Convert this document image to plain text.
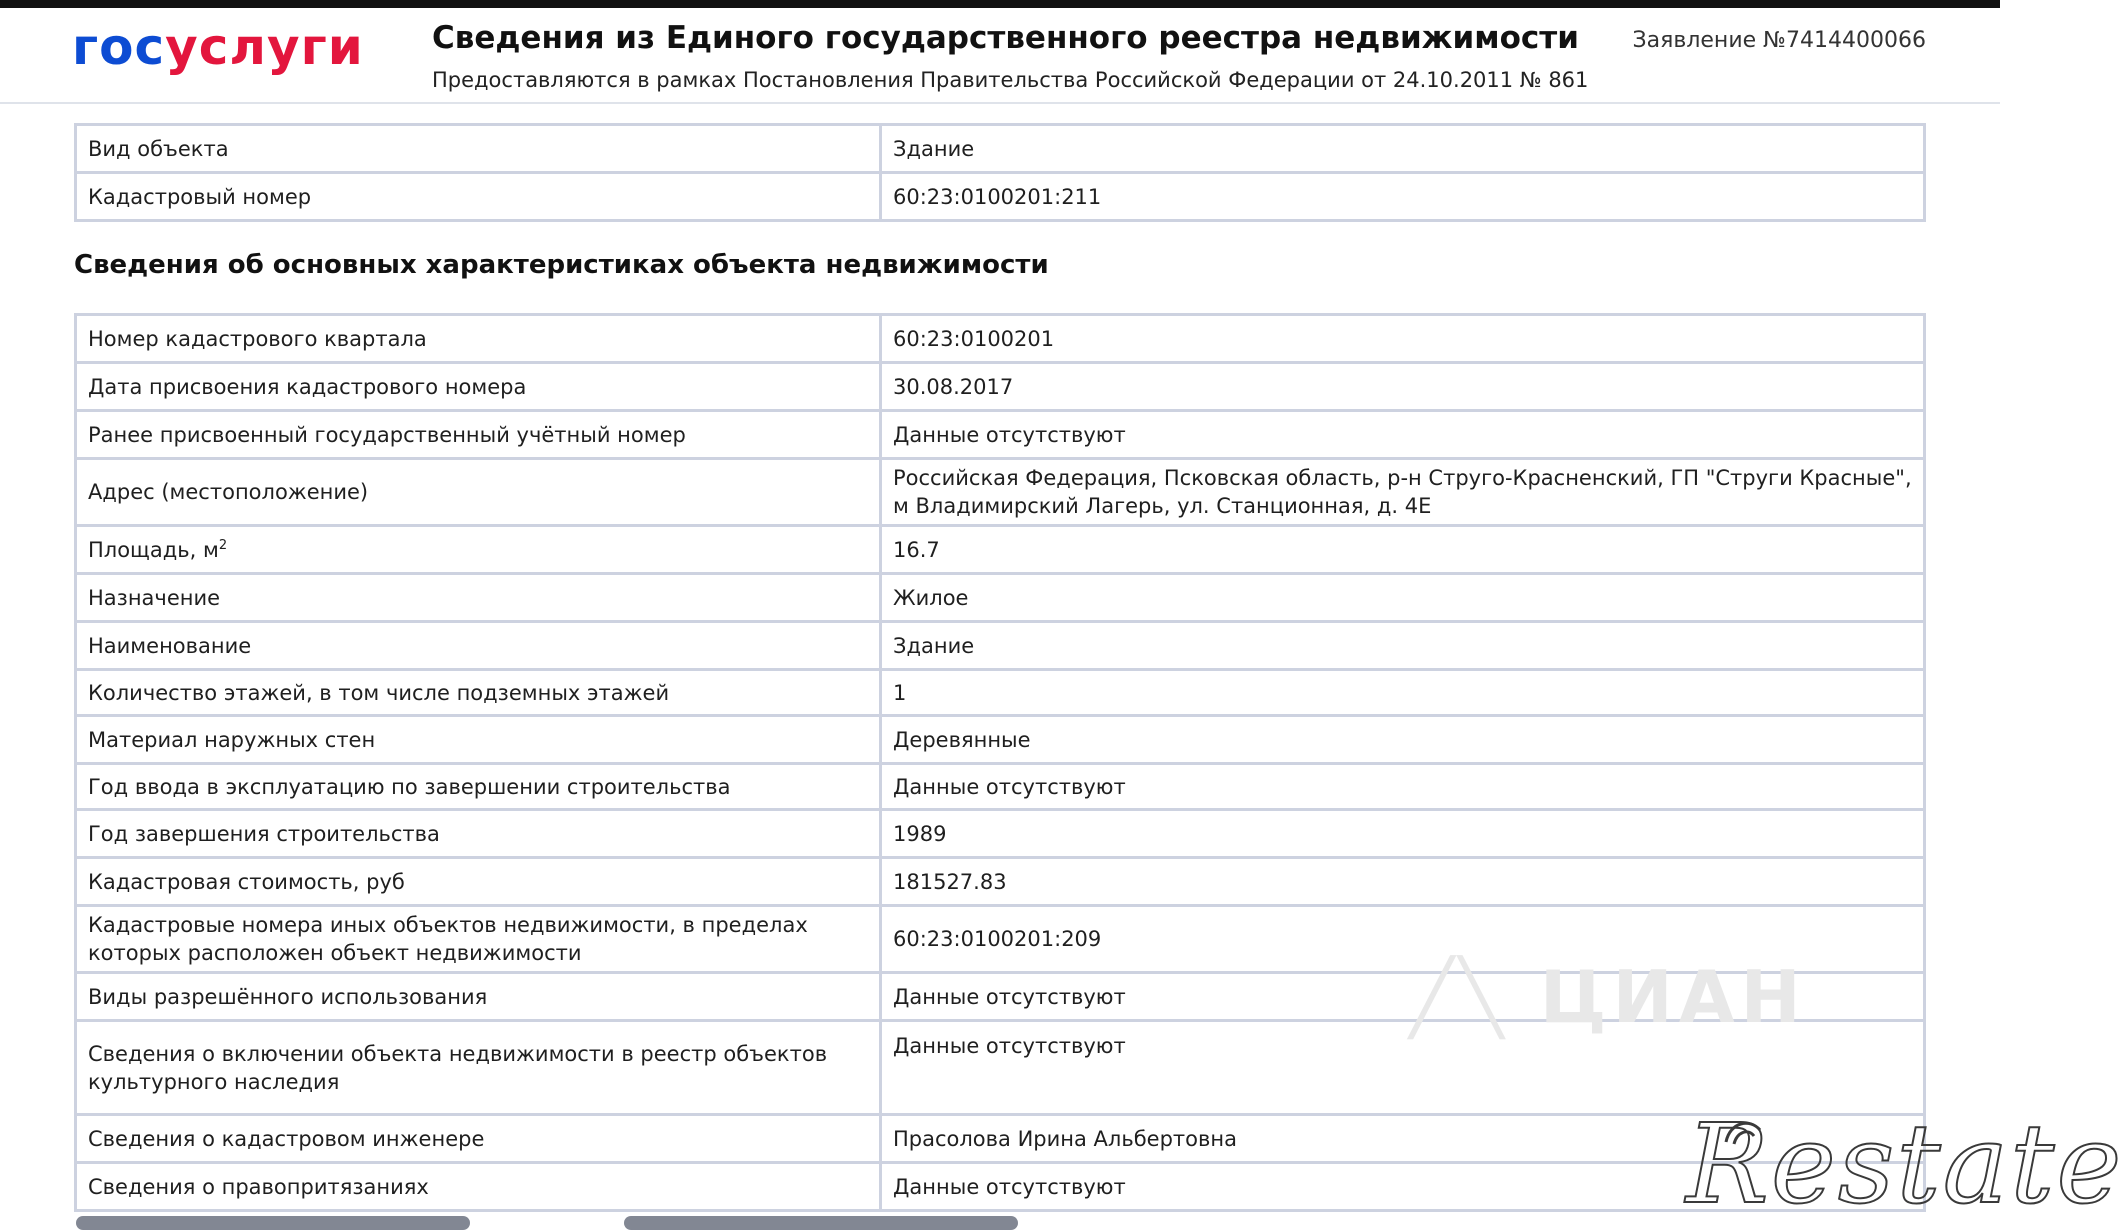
госуслуги Сведения из Единого государственного реестра недвижимости
Предоставляются в рамках Постановления Правительства Российской Федерации от 24.10.2011 № 861
Заявление №7414400066
Вид объекта	Здание
Кадастровый номер	60:23:0100201:211
Сведения об основных характеристиках объекта недвижимости
Номер кадастрового квартала	60:23:0100201
Дата присвоения кадастрового номера	30.08.2017
Ранее присвоенный государственный учётный номер	Данные отсутствуют
Адрес (местоположение)	Российская Федерация, Псковская область, р-н Струго-Красненский, ГП "Струги Красные", м Владимирский Лагерь, ул. Станционная, д. 4Е
Площадь, $м^2$	16.7
Назначение	Жилое
Наименование	Здание
Количество этажей, в том числе подземных этажей	1
Материал наружных стен	Деревянные
Год ввода в эксплуатацию по завершении строительства	Данные отсутствуют
Год завершения строительства	1989
Кадастровая стоимость, руб	181527.83
Кадастровые номера иных объектов недвижимости, в пределах которых расположен объект недвижимости	60:23:0100201:209
Виды разрешённого использования	Данные отсутствуют
Сведения о включении объекта недвижимости в реестр объектов культурного наследия	Данные отсутствуют
Сведения о кадастровом инженере	Прасолова Ирина Альбертовна
Сведения о правопритязаниях	Данные отсутствуют
╱╲ ЦИАН
Restate
